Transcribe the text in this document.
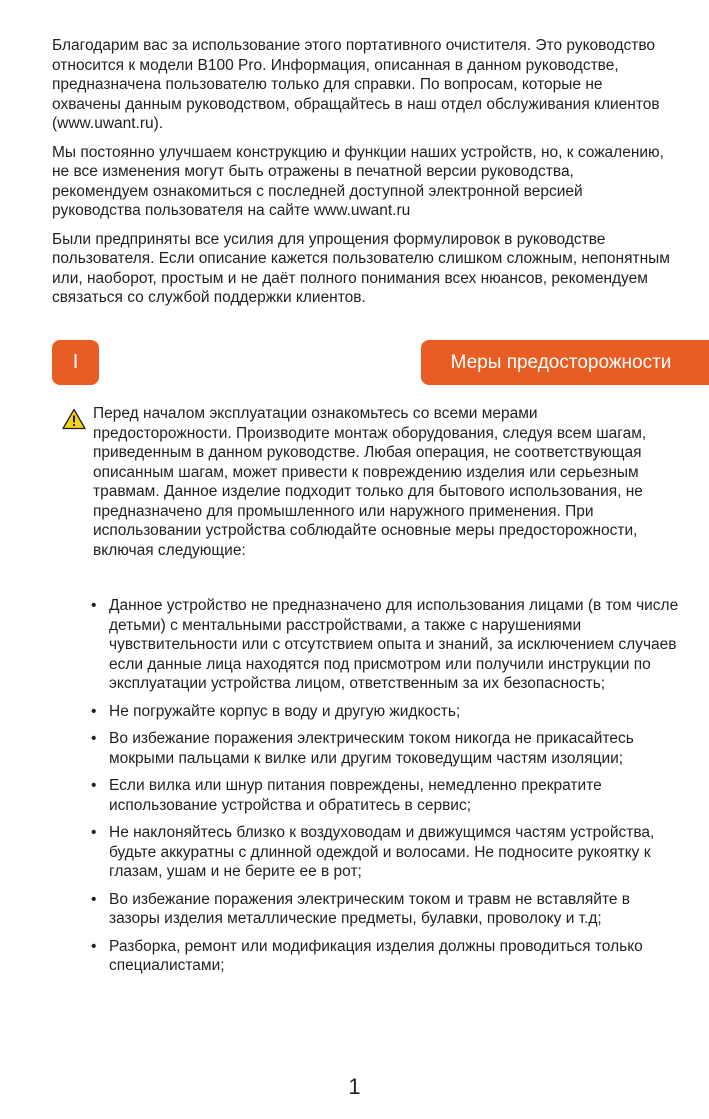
Благодарим вас за использование этого портативного очистителя. Это руководство относится к модели B100 Pro. Информация, описанная в данном руководстве, предназначена пользователю только для справки. По вопросам, которые не охвачены данным руководством, обращайтесь в наш отдел обслуживания клиентов (www.uwant.ru).

Мы постоянно улучшаем конструкцию и функции наших устройств, но, к сожалению, не все изменения могут быть отражены в печатной версии руководства, рекомендуем ознакомиться с последней доступной электронной версией руководства пользователя на сайте www.uwant.ru

Были предприняты все усилия для упрощения формулировок в руководстве пользователя. Если описание кажется пользователю слишком сложным, непонятным или, наоборот, простым и не даёт полного понимания всех нюансов, рекомендуем связаться со службой поддержки клиентов.

I	Меры предосторожности

Перед началом эксплуатации ознакомьтесь со всеми мерами предосторожности. Производите монтаж оборудования, следуя всем шагам, приведенным в данном руководстве. Любая операция, не соответствующая описанным шагам, может привести к повреждению изделия или серьезным травмам. Данное изделие подходит только для бытового использования, не предназначено для промышленного или наружного применения. При использовании устройства соблюдайте основные меры предосторожности, включая следующие:

• Данное устройство не предназначено для использования лицами (в том числе детьми) с ментальными расстройствами, а также с нарушениями чувствительности или с отсутствием опыта и знаний, за исключением случаев если данные лица находятся под присмотром или получили инструкции по эксплуатации устройства лицом, ответственным за их безопасность;
• Не погружайте корпус в воду и другую жидкость;
• Во избежание поражения электрическим током никогда не прикасайтесь мокрыми пальцами к вилке или другим токоведущим частям изоляции;
• Если вилка или шнур питания повреждены, немедленно прекратите использование устройства и обратитесь в сервис;
• Не наклоняйтесь близко к воздуховодам и движущимся частям устройства, будьте аккуратны с длинной одеждой и волосами. Не подносите рукоятку к глазам, ушам и не берите ее в рот;
• Во избежание поражения электрическим током и травм не вставляйте в зазоры изделия металлические предметы, булавки, проволоку и т.д;
• Разборка, ремонт или модификация изделия должны проводиться только специалистами;
1
